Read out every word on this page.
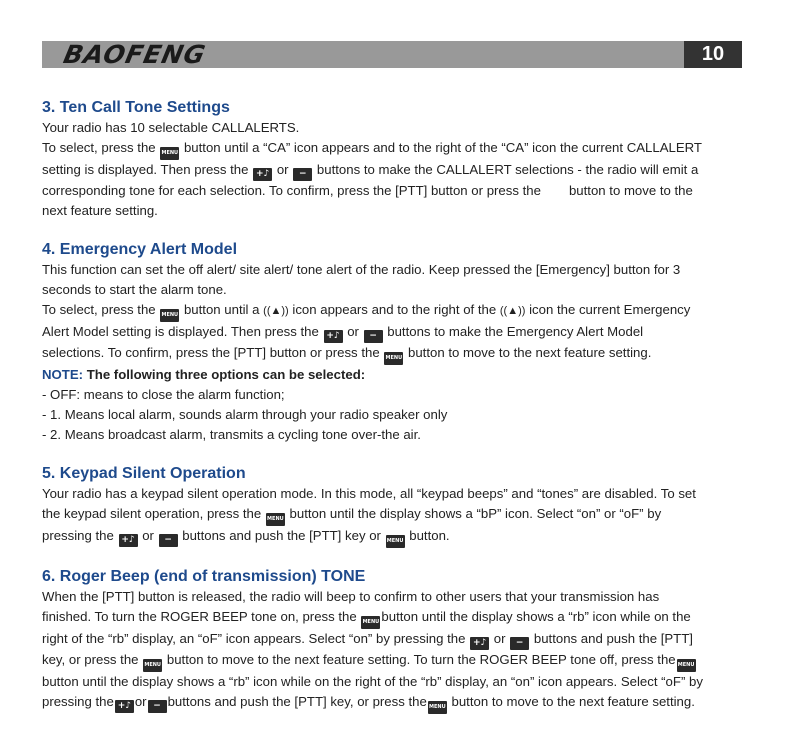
BAOFENG	10
3. Ten Call Tone Settings

Your radio has 10 selectable CALLALERTS.

To select, press the MENU button until a “CA” icon appears and to the right of the “CA” icon the current CALLALERT

setting is displayed. Then press the +♪ or − buttons to make the CALLALERT selections - the radio will emit a

corresponding tone for each selection. To confirm, press the [PTT] button or press the button to move to the

next feature setting.

4. Emergency Alert Model

This function can set the off alert/ site alert/ tone alert of the radio. Keep pressed the [Emergency] button for 3

seconds to start the alarm tone.

To select, press the MENU button until a ((▲)) icon appears and to the right of the ((▲)) icon the current Emergency

Alert Model setting is displayed. Then press the +♪ or − buttons to make the Emergency Alert Model

selections. To confirm, press the [PTT] button or press the MENU button to move to the next feature setting.

NOTE: The following three options can be selected:

- OFF: means to close the alarm function;

- 1. Means local alarm, sounds alarm through your radio speaker only

- 2. Means broadcast alarm, transmits a cycling tone over-the air.

5. Keypad Silent Operation

Your radio has a keypad silent operation mode. In this mode, all “keypad beeps” and “tones” are disabled. To set

the keypad silent operation, press the MENU button until the display shows a “bP” icon. Select “on” or “oF” by

pressing the +♪ or − buttons and push the [PTT] key or MENU button.

6. Roger Beep (end of transmission) TONE

When the [PTT] button is released, the radio will beep to confirm to other users that your transmission has

finished. To turn the ROGER BEEP tone on, press the MENU button until the display shows a “rb” icon while on the

right of the “rb” display, an “oF” icon appears. Select “on” by pressing the +♪ or − buttons and push the [PTT]

key, or press the MENU button to move to the next feature setting. To turn the ROGER BEEP tone off, press the MENU

button until the display shows a “rb” icon while on the right of the “rb” display, an “on” icon appears. Select “oF” by

pressing the +♪ or − buttons and push the [PTT] key, or press the MENU button to move to the next feature setting.
